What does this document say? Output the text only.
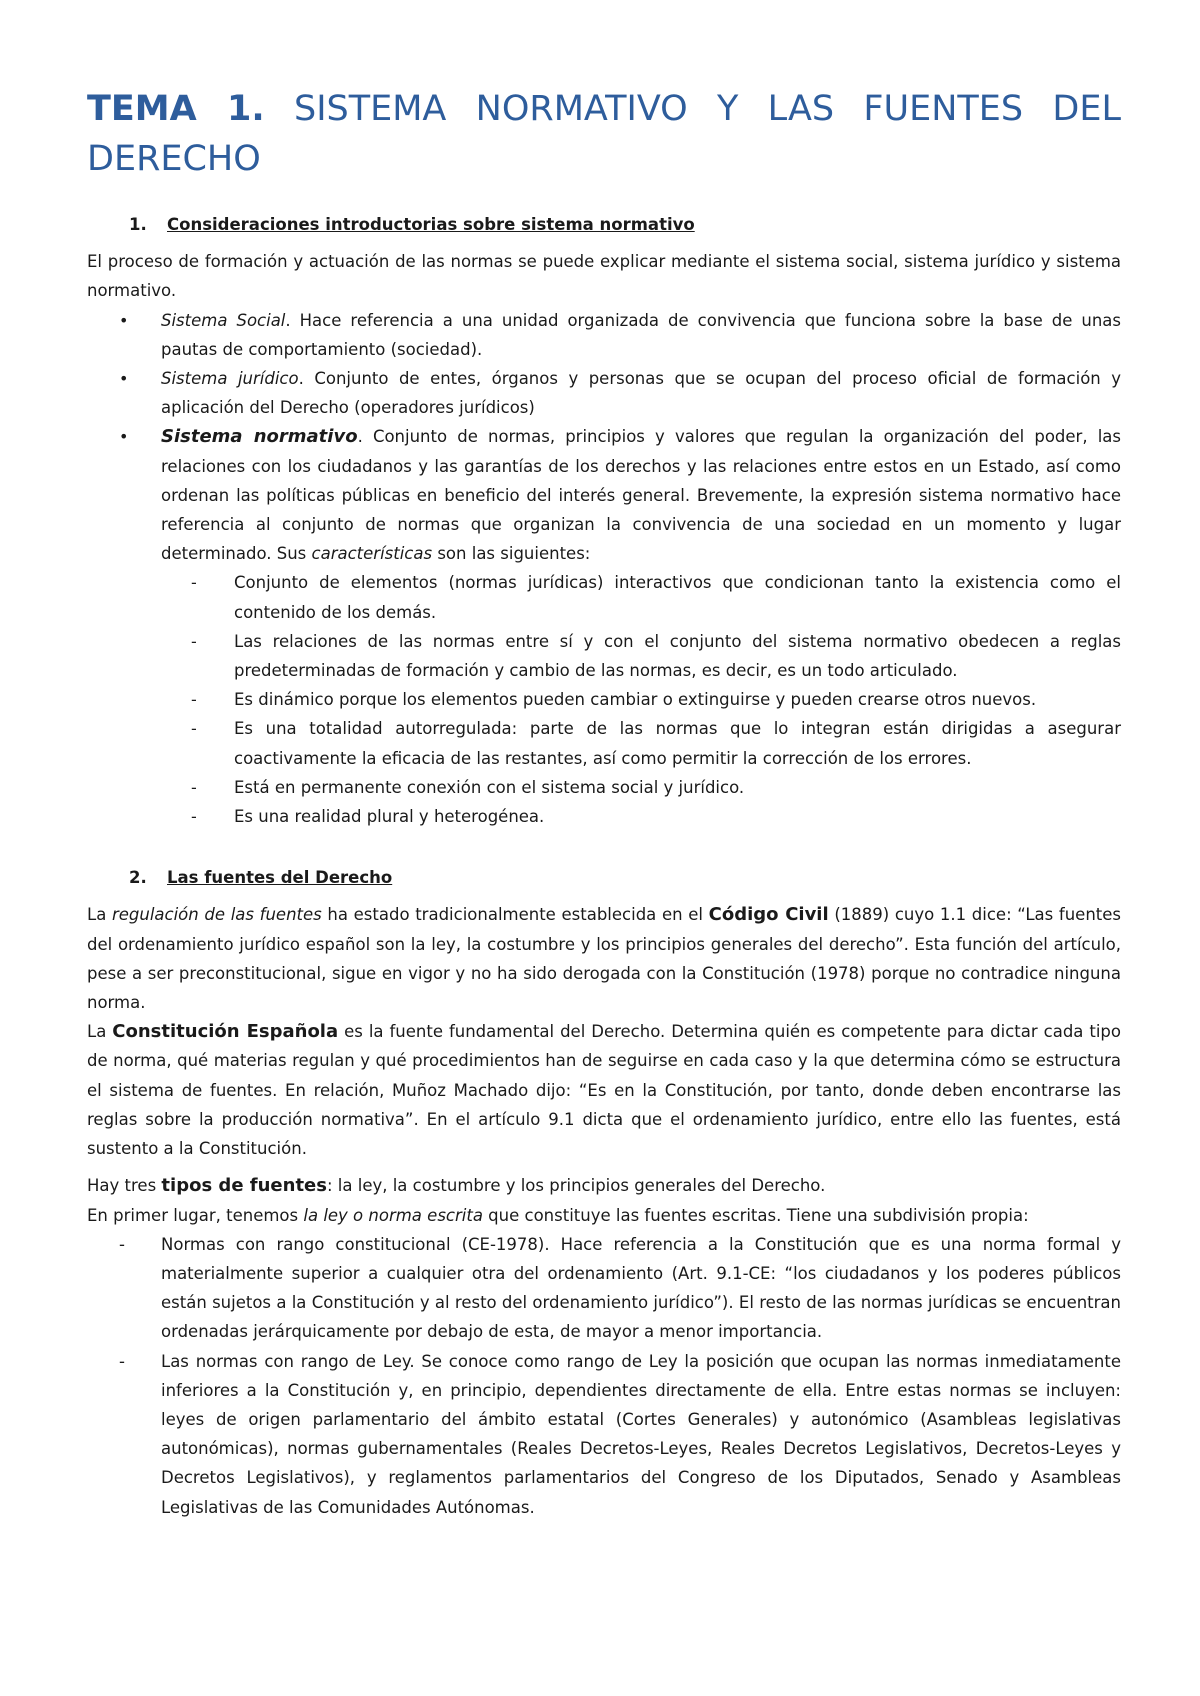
TEMA 1. SISTEMA NORMATIVO Y LAS FUENTES DEL DERECHO
1.	Consideraciones introductorias sobre sistema normativo

El proceso de formación y actuación de las normas se puede explicar mediante el sistema social, sistema jurídico y sistema normativo.

• Sistema Social. Hace referencia a una unidad organizada de convivencia que funciona sobre la base de unas pautas de comportamiento (sociedad).
• Sistema jurídico. Conjunto de entes, órganos y personas que se ocupan del proceso oficial de formación y aplicación del Derecho (operadores jurídicos)
• Sistema normativo. Conjunto de normas, principios y valores que regulan la organización del poder, las relaciones con los ciudadanos y las garantías de los derechos y las relaciones entre estos en un Estado, así como ordenan las políticas públicas en beneficio del interés general. Brevemente, la expresión sistema normativo hace referencia al conjunto de normas que organizan la convivencia de una sociedad en un momento y lugar determinado. Sus características son las siguientes:
- Conjunto de elementos (normas jurídicas) interactivos que condicionan tanto la existencia como el contenido de los demás.
- Las relaciones de las normas entre sí y con el conjunto del sistema normativo obedecen a reglas predeterminadas de formación y cambio de las normas, es decir, es un todo articulado.
- Es dinámico porque los elementos pueden cambiar o extinguirse y pueden crearse otros nuevos.
- Es una totalidad autorregulada: parte de las normas que lo integran están dirigidas a asegurar coactivamente la eficacia de las restantes, así como permitir la corrección de los errores.
- Está en permanente conexión con el sistema social y jurídico.
- Es una realidad plural y heterogénea.
2.	Las fuentes del Derecho

La regulación de las fuentes ha estado tradicionalmente establecida en el Código Civil (1889) cuyo 1.1 dice: “Las fuentes del ordenamiento jurídico español son la ley, la costumbre y los principios generales del derecho”. Esta función del artículo, pese a ser preconstitucional, sigue en vigor y no ha sido derogada con la Constitución (1978) porque no contradice ninguna norma.

La Constitución Española es la fuente fundamental del Derecho. Determina quién es competente para dictar cada tipo de norma, qué materias regulan y qué procedimientos han de seguirse en cada caso y la que determina cómo se estructura el sistema de fuentes. En relación, Muñoz Machado dijo: “Es en la Constitución, por tanto, donde deben encontrarse las reglas sobre la producción normativa”. En el artículo 9.1 dicta que el ordenamiento jurídico, entre ello las fuentes, está sustento a la Constitución.

Hay tres tipos de fuentes: la ley, la costumbre y los principios generales del Derecho.

En primer lugar, tenemos la ley o norma escrita que constituye las fuentes escritas. Tiene una subdivisión propia:

- Normas con rango constitucional (CE-1978). Hace referencia a la Constitución que es una norma formal y materialmente superior a cualquier otra del ordenamiento (Art. 9.1-CE: “los ciudadanos y los poderes públicos están sujetos a la Constitución y al resto del ordenamiento jurídico”). El resto de las normas jurídicas se encuentran ordenadas jerárquicamente por debajo de esta, de mayor a menor importancia.
- Las normas con rango de Ley. Se conoce como rango de Ley la posición que ocupan las normas inmediatamente inferiores a la Constitución y, en principio, dependientes directamente de ella. Entre estas normas se incluyen: leyes de origen parlamentario del ámbito estatal (Cortes Generales) y autonómico (Asambleas legislativas autonómicas), normas gubernamentales (Reales Decretos-Leyes, Reales Decretos Legislativos, Decretos-Leyes y Decretos Legislativos), y reglamentos parlamentarios del Congreso de los Diputados, Senado y Asambleas Legislativas de las Comunidades Autónomas.
